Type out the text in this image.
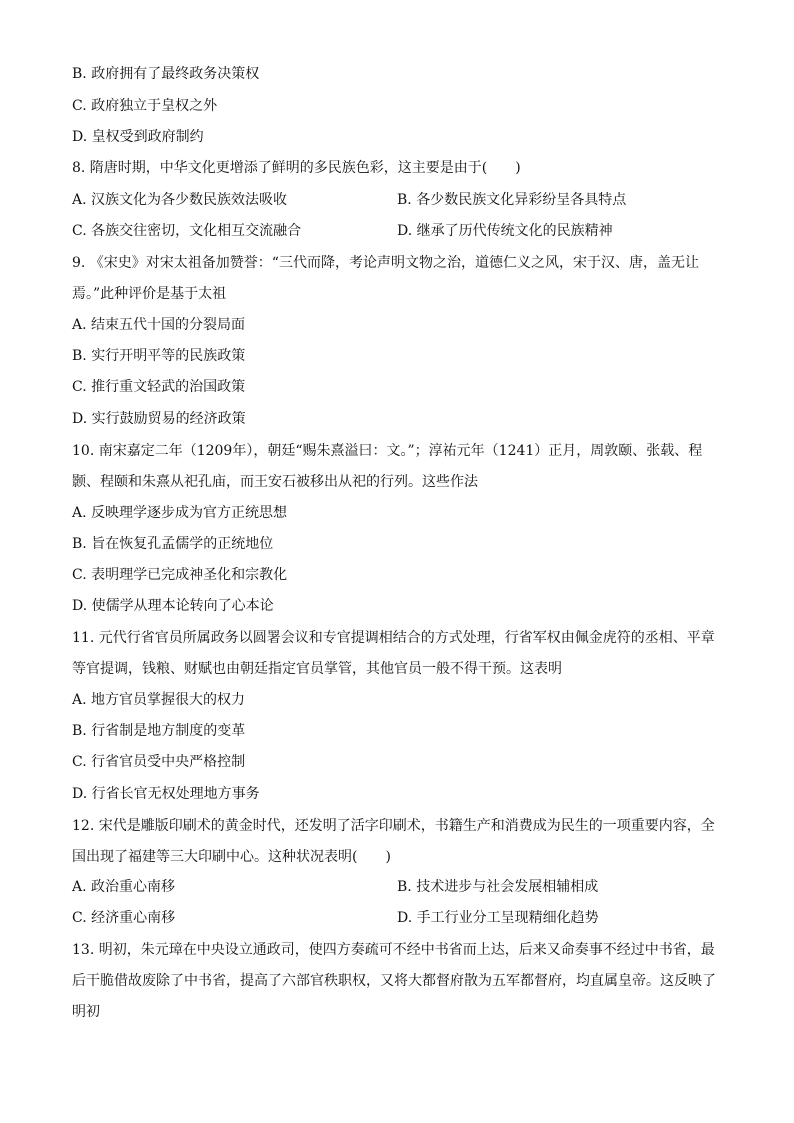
B. 政府拥有了最终政务决策权
C. 政府独立于皇权之外
D. 皇权受到政府制约
8. 隋唐时期，中华文化更增添了鲜明的多民族色彩，这主要是由于(　　)
A. 汉族文化为各少数民族效法吸收	B. 各少数民族文化异彩纷呈各具特点
C. 各族交往密切，文化相互交流融合	D. 继承了历代传统文化的民族精神
9. 《宋史》对宋太祖备加赞誉：“三代而降，考论声明文物之治，道德仁义之风，宋于汉、唐，盖无让焉。”此种评价是基于太祖
A. 结束五代十国的分裂局面
B. 实行开明平等的民族政策
C. 推行重文轻武的治国政策
D. 实行鼓励贸易的经济政策
10. 南宋嘉定二年（1209年），朝廷“赐朱熹溢曰：文。”；淳祐元年（1241）正月，周敦颐、张载、程颢、程颐和朱熹从祀孔庙，而王安石被移出从祀的行列。这些作法
A. 反映理学逐步成为官方正统思想
B. 旨在恢复孔孟儒学的正统地位
C. 表明理学已完成神圣化和宗教化
D. 使儒学从理本论转向了心本论
11. 元代行省官员所属政务以圆署会议和专官提调相结合的方式处理，行省军权由佩金虎符的丞相、平章等官提调，钱粮、财赋也由朝廷指定官员掌管，其他官员一般不得干预。这表明
A. 地方官员掌握很大的权力
B. 行省制是地方制度的变革
C. 行省官员受中央严格控制
D. 行省长官无权处理地方事务
12. 宋代是雕版印刷术的黄金时代，还发明了活字印刷术，书籍生产和消费成为民生的一项重要内容，全国出现了福建等三大印刷中心。这种状况表明(　　)
A. 政治重心南移	B. 技术进步与社会发展相辅相成
C. 经济重心南移	D. 手工行业分工呈现精细化趋势
13. 明初，朱元璋在中央设立通政司，使四方奏疏可不经中书省而上达，后来又命奏事不经过中书省，最后干脆借故废除了中书省，提高了六部官秩职权，又将大都督府散为五军都督府，均直属皇帝。这反映了明初
